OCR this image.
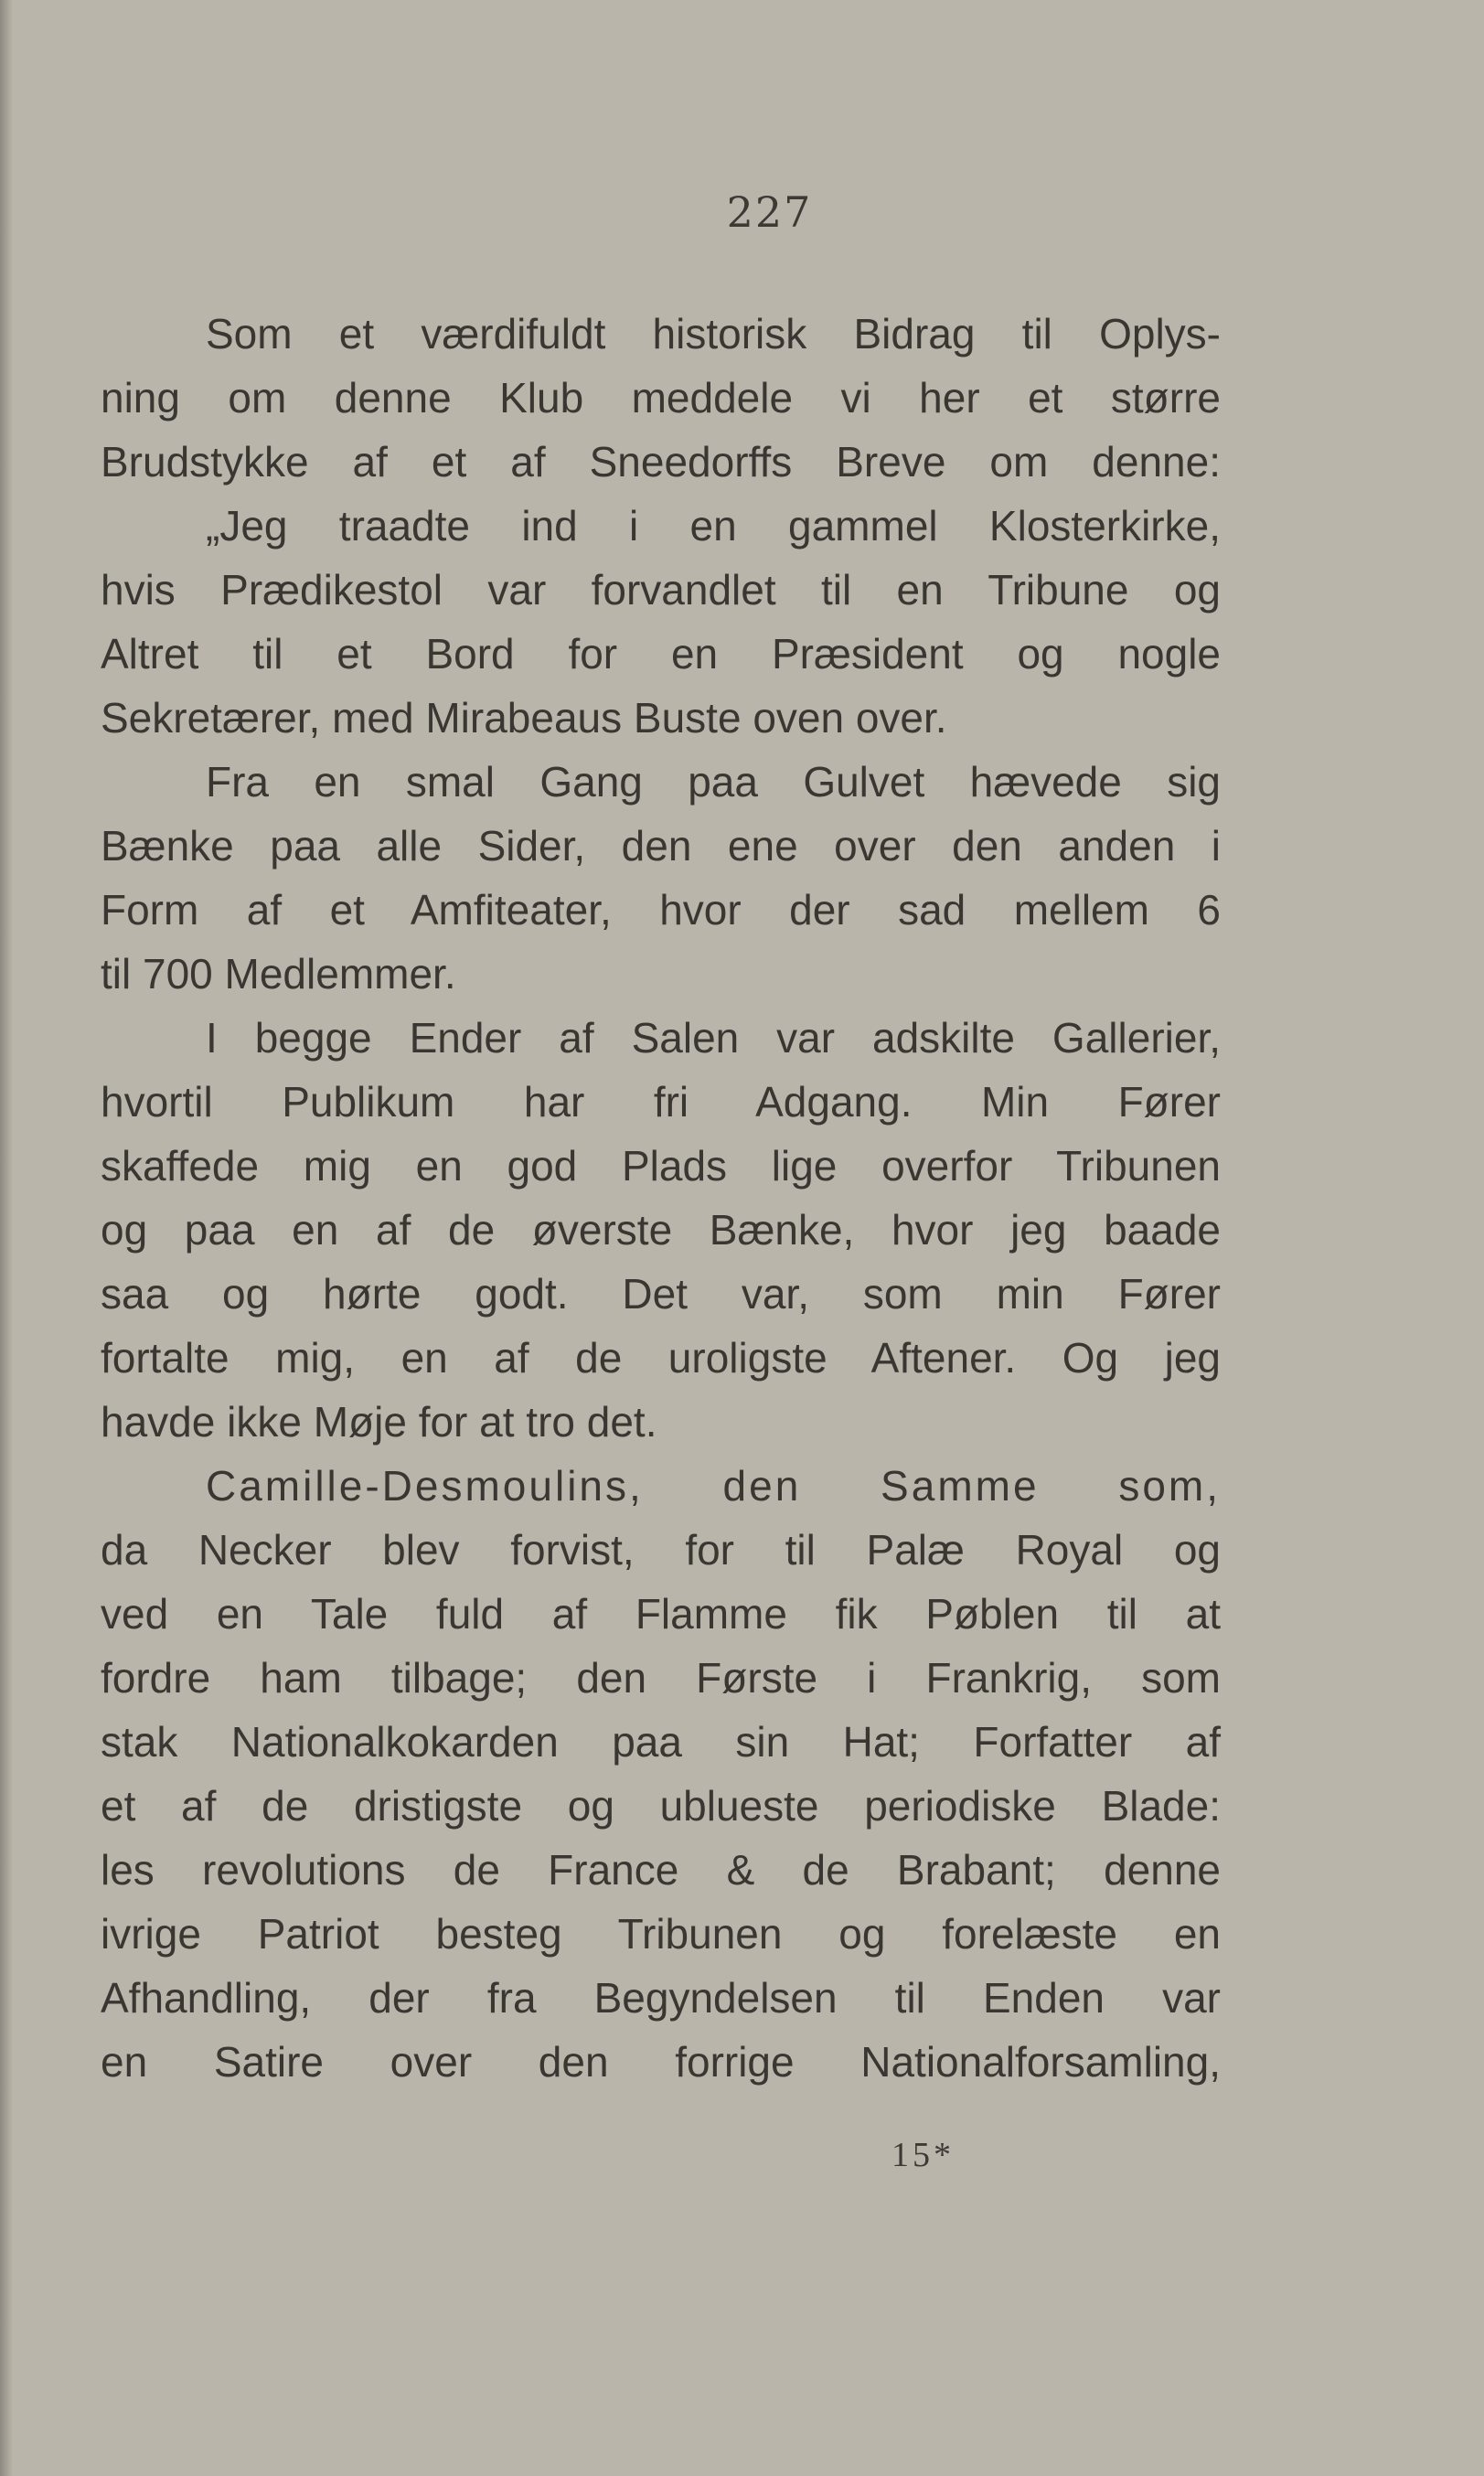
227
Som et værdifuldt historisk Bidrag til Oplys-
ning om denne Klub meddele vi her et større
Brudstykke af et af Sneedorffs Breve om denne:
„Jeg traadte ind i en gammel Klosterkirke,
hvis Prædikestol var forvandlet til en Tribune og
Altret til et Bord for en Præsident og nogle
Sekretærer, med Mirabeaus Buste oven over.
Fra en smal Gang paa Gulvet hævede sig
Bænke paa alle Sider, den ene over den anden i
Form af et Amfiteater, hvor der sad mellem 6
til 700 Medlemmer.
I begge Ender af Salen var adskilte Gallerier,
hvortil Publikum har fri Adgang. Min Fører
skaffede mig en god Plads lige overfor Tribunen
og paa en af de øverste Bænke, hvor jeg baade
saa og hørte godt. Det var, som min Fører
fortalte mig, en af de uroligste Aftener. Og jeg
havde ikke Møje for at tro det.
Camille-Desmoulins, den Samme som,
da Necker blev forvist, for til Palæ Royal og
ved en Tale fuld af Flamme fik Pøblen til at
fordre ham tilbage; den Første i Frankrig, som
stak Nationalkokarden paa sin Hat; Forfatter af
et af de dristigste og ublueste periodiske Blade:
les revolutions de France & de Brabant; denne
ivrige Patriot besteg Tribunen og forelæste en
Afhandling, der fra Begyndelsen til Enden var
en Satire over den forrige Nationalforsamling,
15*
